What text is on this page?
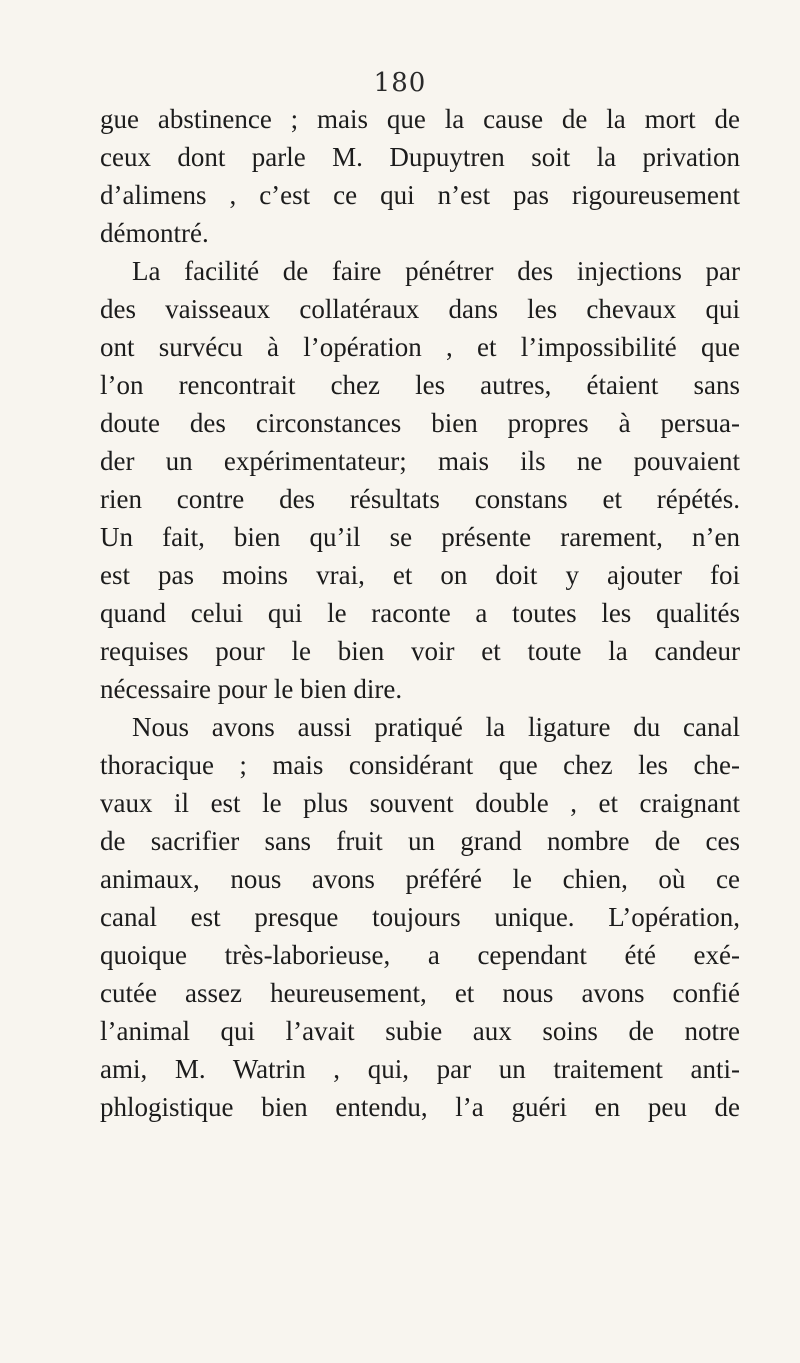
180
gue abstinence ; mais que la cause de la mort de
ceux dont parle M. Dupuytren soit la privation
d’alimens , c’est ce qui n’est pas rigoureusement
démontré.
La facilité de faire pénétrer des injections par
des vaisseaux collatéraux dans les chevaux qui
ont survécu à l’opération , et l’impossibilité que
l’on rencontrait chez les autres, étaient sans
doute des circonstances bien propres à persua-
der un expérimentateur; mais ils ne pouvaient
rien contre des résultats constans et répétés.
Un fait, bien qu’il se présente rarement, n’en
est pas moins vrai, et on doit y ajouter foi
quand celui qui le raconte a toutes les qualités
requises pour le bien voir et toute la candeur
nécessaire pour le bien dire.
Nous avons aussi pratiqué la ligature du canal
thoracique ; mais considérant que chez les che-
vaux il est le plus souvent double , et craignant
de sacrifier sans fruit un grand nombre de ces
animaux, nous avons préféré le chien, où ce
canal est presque toujours unique. L’opération,
quoique très-laborieuse, a cependant été exé-
cutée assez heureusement, et nous avons confié
l’animal qui l’avait subie aux soins de notre
ami, M. Watrin , qui, par un traitement anti-
phlogistique bien entendu, l’a guéri en peu de
